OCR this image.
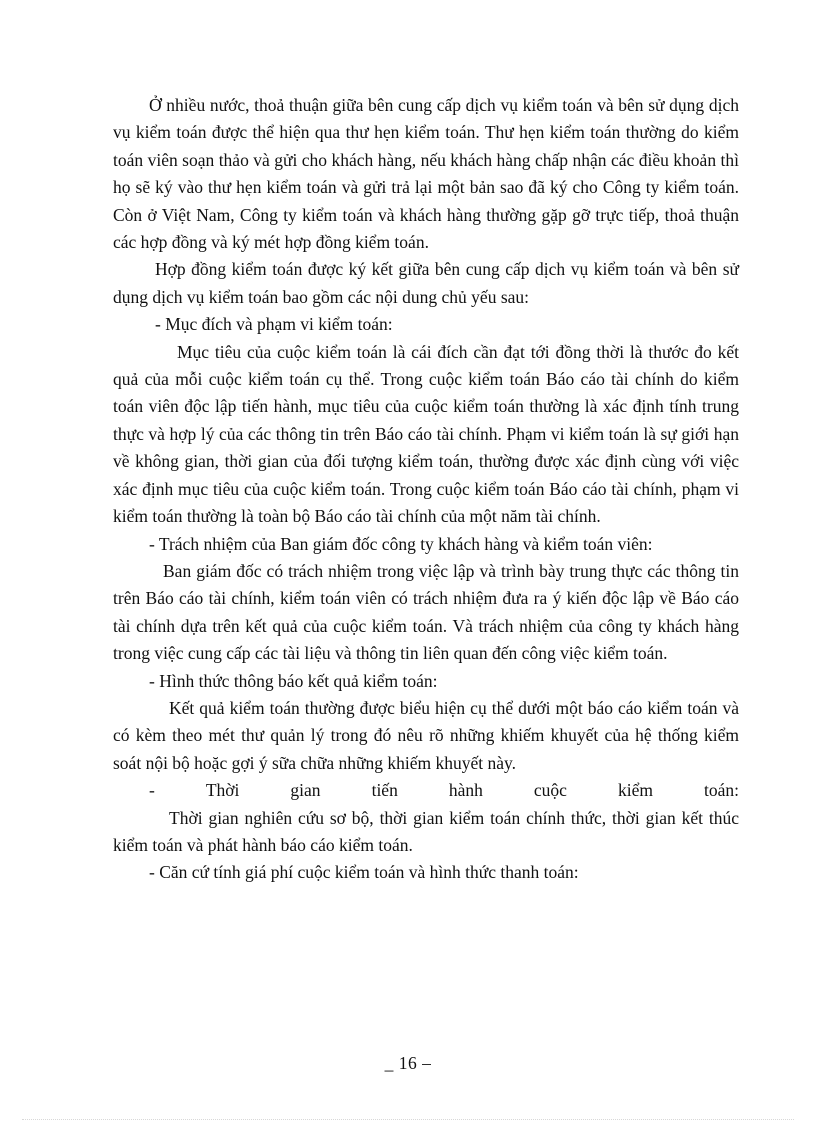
Ở nhiều nước, thoả thuận giữa bên cung cấp dịch vụ kiểm toán và bên sử dụng dịch vụ kiểm toán được thể hiện qua thư hẹn kiểm toán. Thư hẹn kiểm toán thường do kiểm toán viên soạn thảo và gửi cho khách hàng, nếu khách hàng chấp nhận các điều khoản thì họ sẽ ký vào thư hẹn kiểm toán và gửi trả lại một bản sao đã ký cho Công ty kiểm toán. Còn ở Việt Nam, Công ty kiểm toán và khách hàng thường gặp gỡ trực tiếp, thoả thuận các hợp đồng và ký mét hợp đồng kiểm toán.

Hợp đồng kiểm toán được ký kết giữa bên cung cấp dịch vụ kiểm toán và bên sử dụng dịch vụ kiểm toán bao gồm các nội dung chủ yếu sau:

- Mục đích và phạm vi kiểm toán:

Mục tiêu của cuộc kiểm toán là cái đích cần đạt tới đồng thời là thước đo kết quả của mỗi cuộc kiểm toán cụ thể. Trong cuộc kiểm toán Báo cáo tài chính do kiểm toán viên độc lập tiến hành, mục tiêu của cuộc kiểm toán thường là xác định tính trung thực và hợp lý của các thông tin trên Báo cáo tài chính. Phạm vi kiểm toán là sự giới hạn về không gian, thời gian của đối tượng kiểm toán, thường được xác định cùng với việc xác định mục tiêu của cuộc kiểm toán. Trong cuộc kiểm toán Báo cáo tài chính, phạm vi kiểm toán thường là toàn bộ Báo cáo tài chính của một năm tài chính.

- Trách nhiệm của Ban giám đốc công ty khách hàng và kiểm toán viên:

Ban giám đốc có trách nhiệm trong việc lập và trình bày trung thực các thông tin trên Báo cáo tài chính, kiểm toán viên có trách nhiệm đưa ra ý kiến độc lập về Báo cáo tài chính dựa trên kết quả của cuộc kiểm toán. Và trách nhiệm của công ty khách hàng trong việc cung cấp các tài liệu và thông tin liên quan đến công việc kiểm toán.

- Hình thức thông báo kết quả kiểm toán:

Kết quả kiểm toán thường được biểu hiện cụ thể dưới một báo cáo kiểm toán và có kèm theo mét thư quản lý trong đó nêu rõ những khiếm khuyết của hệ thống kiểm soát nội bộ hoặc gợi ý sữa chữa những khiếm khuyết này.

-	Thời	gian	tiến	hành	cuộc	kiểm	toán:

Thời gian nghiên cứu sơ bộ, thời gian kiểm toán chính thức, thời gian kết thúc kiểm toán và phát hành báo cáo kiểm toán.

- Căn cứ tính giá phí cuộc kiểm toán và hình thức thanh toán:

_ 16 –
